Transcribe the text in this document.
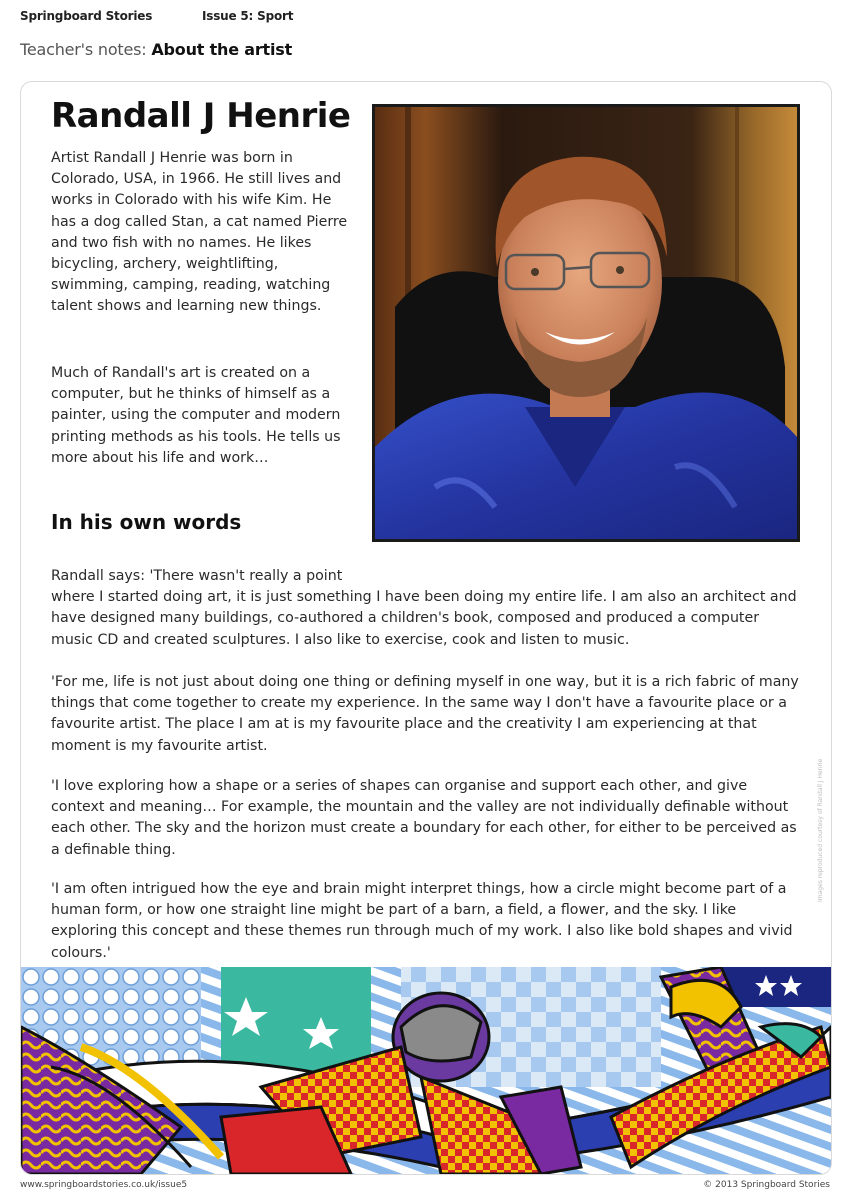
Springboard Stories	Issue 5: Sport
Teacher's notes: About the artist
Randall J Henrie

Artist Randall J Henrie was born in Colorado, USA, in 1966. He still lives and works in Colorado with his wife Kim. He has a dog called Stan, a cat named Pierre and two fish with no names. He likes bicycling, archery, weightlifting, swimming, camping, reading, watching talent shows and learning new things.

Much of Randall's art is created on a computer, but he thinks of himself as a painter, using the computer and modern printing methods as his tools. He tells us more about his life and work…

In his own words

Randall says: 'There wasn't really a point where I started doing art, it is just something I have been doing my entire life. I am also an architect and have designed many buildings, co-authored a children's book, composed and produced a computer music CD and created sculptures. I also like to exercise, cook and listen to music.

'For me, life is not just about doing one thing or defining myself in one way, but it is a rich fabric of many things that come together to create my experience. In the same way I don't have a favourite place or a favourite artist. The place I am at is my favourite place and the creativity I am experiencing at that moment is my favourite artist.

'I love exploring how a shape or a series of shapes can organise and support each other, and give context and meaning… For example, the mountain and the valley are not individually definable without each other. The sky and the horizon must create a boundary for each other, for either to be perceived as a definable thing.

'I am often intrigued how the eye and brain might interpret things, how a circle might become part of a human form, or how one straight line might be part of a barn, a field, a flower, and the sky. I like exploring this concept and these themes run through much of my work. I also like bold shapes and vivid colours.'

Images reproduced courtesy of Randall J Henrie
www.springboardstories.co.uk/issue5	© 2013 Springboard Stories
